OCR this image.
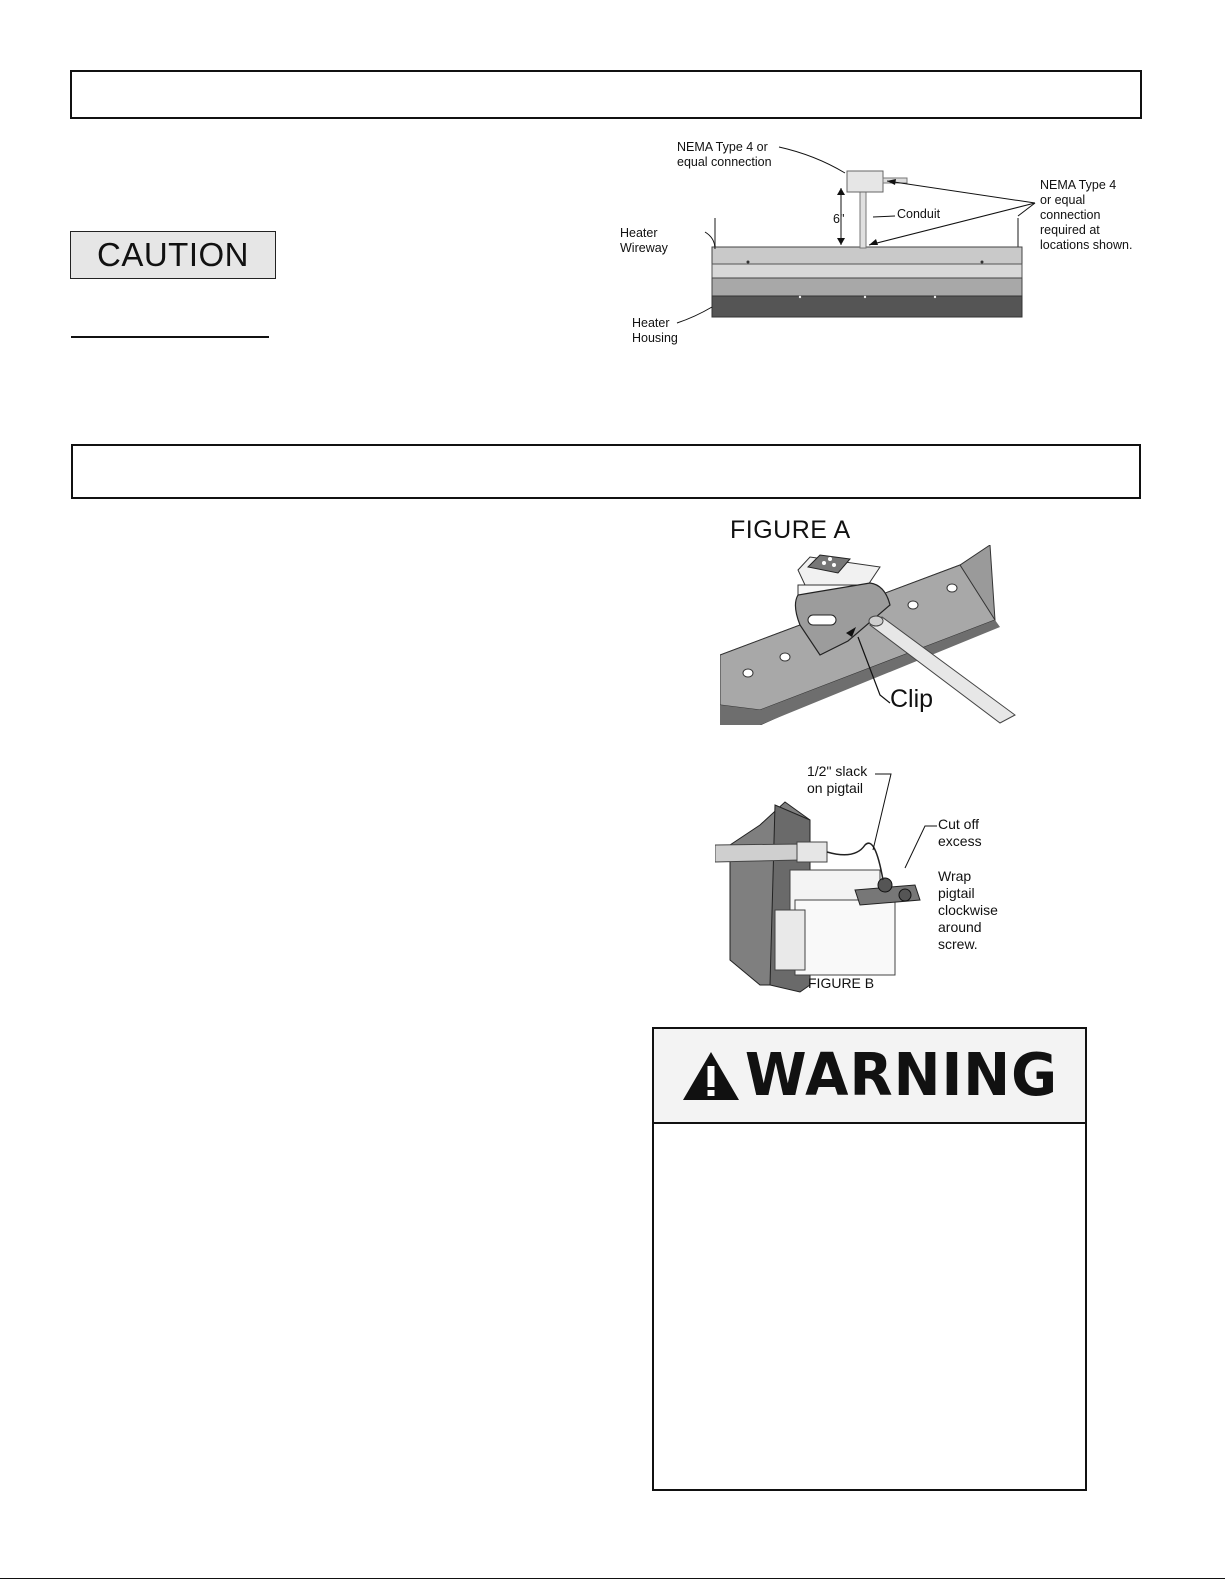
CAUTION
NEMA Type 4 or
equal connection
NEMA Type 4
or equal
connection
required at
locations shown.
6"	Conduit
Heater
Wireway
Heater
Housing
FIGURE A
Clip
1/2" slack
on pigtail
Cut off
excess
Wrap
pigtail
clockwise
around
screw.
FIGURE B
WARNING
